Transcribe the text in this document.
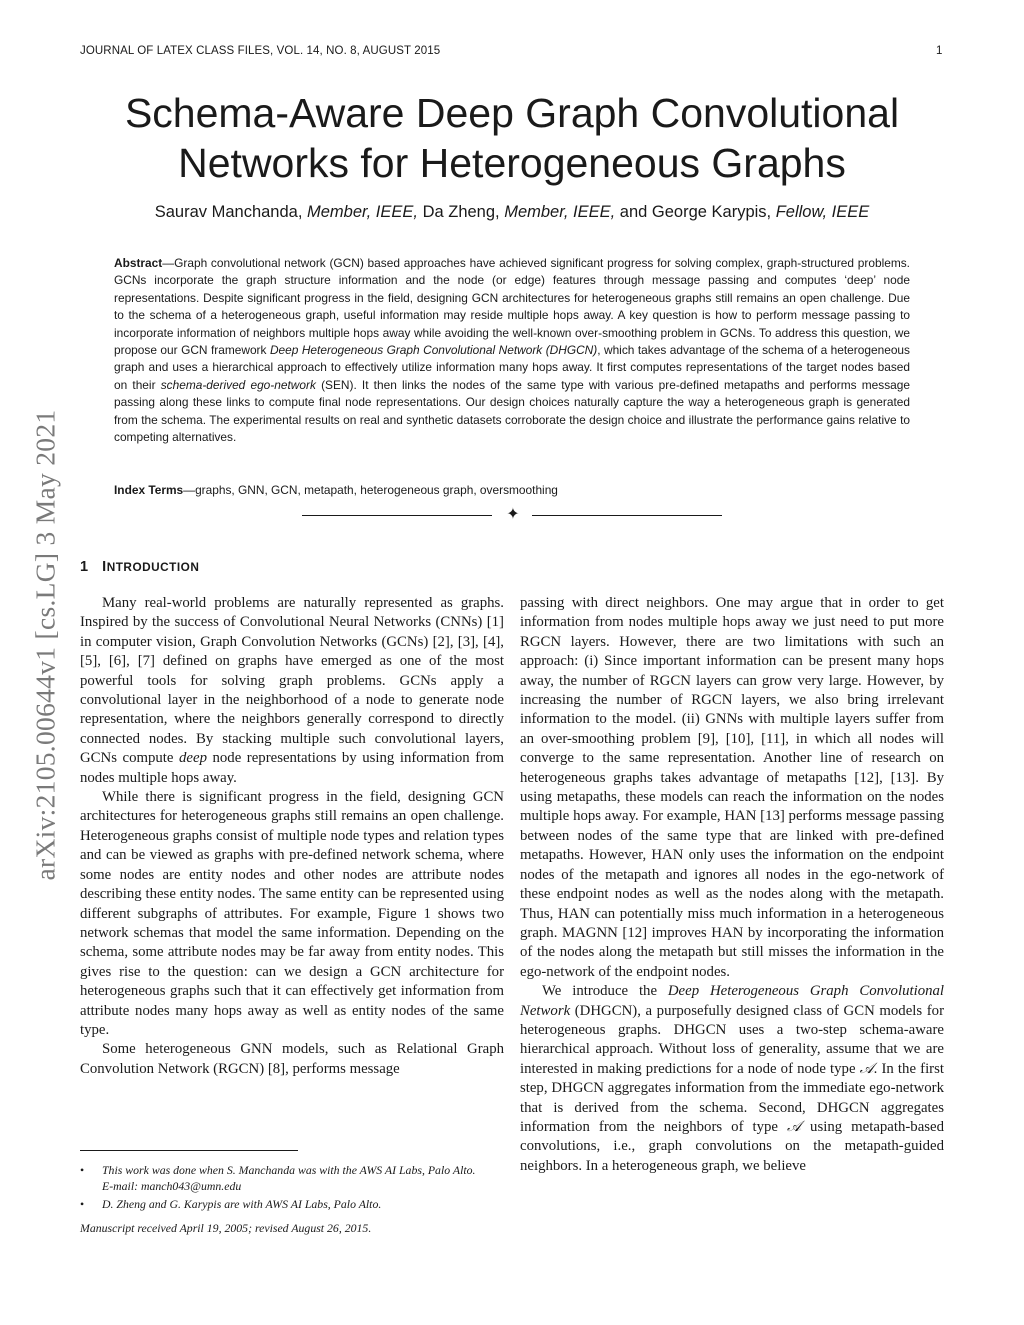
JOURNAL OF LATEX CLASS FILES, VOL. 14, NO. 8, AUGUST 2015	1
arXiv:2105.00644v1 [cs.LG] 3 May 2021
Schema-Aware Deep Graph Convolutional
Networks for Heterogeneous Graphs
Saurav Manchanda, Member, IEEE, Da Zheng, Member, IEEE, and George Karypis, Fellow, IEEE
Abstract—Graph convolutional network (GCN) based approaches have achieved significant progress for solving complex, graph-structured problems. GCNs incorporate the graph structure information and the node (or edge) features through message passing and computes ‘deep’ node representations. Despite significant progress in the field, designing GCN architectures for heterogeneous graphs still remains an open challenge. Due to the schema of a heterogeneous graph, useful information may reside multiple hops away. A key question is how to perform message passing to incorporate information of neighbors multiple hops away while avoiding the well-known over-smoothing problem in GCNs. To address this question, we propose our GCN framework Deep Heterogeneous Graph Convolutional Network (DHGCN), which takes advantage of the schema of a heterogeneous graph and uses a hierarchical approach to effectively utilize information many hops away. It first computes representations of the target nodes based on their schema-derived ego-network (SEN). It then links the nodes of the same type with various pre-defined metapaths and performs message passing along these links to compute final node representations. Our design choices naturally capture the way a heterogeneous graph is generated from the schema. The experimental results on real and synthetic datasets corroborate the design choice and illustrate the performance gains relative to competing alternatives.
Index Terms—graphs, GNN, GCN, metapath, heterogeneous graph, oversmoothing
✦
1 INTRODUCTION

Many real-world problems are naturally represented as graphs. Inspired by the success of Convolutional Neural Networks (CNNs) [1] in computer vision, Graph Convolution Networks (GCNs) [2], [3], [4], [5], [6], [7] defined on graphs have emerged as one of the most powerful tools for solving graph problems. GCNs apply a convolutional layer in the neighborhood of a node to generate node representation, where the neighbors generally correspond to directly connected nodes. By stacking multiple such convolutional layers, GCNs compute deep node representations by using information from nodes multiple hops away.

While there is significant progress in the field, designing GCN architectures for heterogeneous graphs still remains an open challenge. Heterogeneous graphs consist of multiple node types and relation types and can be viewed as graphs with pre-defined network schema, where some nodes are entity nodes and other nodes are attribute nodes describing these entity nodes. The same entity can be represented using different subgraphs of attributes. For example, Figure 1 shows two network schemas that model the same information. Depending on the schema, some attribute nodes may be far away from entity nodes. This gives rise to the question: can we design a GCN architecture for heterogeneous graphs such that it can effectively get information from attribute nodes many hops away as well as entity nodes of the same type.

Some heterogeneous GNN models, such as Relational Graph Convolution Network (RGCN) [8], performs message

• This work was done when S. Manchanda was with the AWS AI Labs, Palo Alto.
E-mail: manch043@umn.edu
• D. Zheng and G. Karypis are with AWS AI Labs, Palo Alto.
Manuscript received April 19, 2005; revised August 26, 2015.

passing with direct neighbors. One may argue that in order to get information from nodes multiple hops away we just need to put more RGCN layers. However, there are two limitations with such an approach: (i) Since important information can be present many hops away, the number of RGCN layers can grow very large. However, by increasing the number of RGCN layers, we also bring irrelevant information to the model. (ii) GNNs with multiple layers suffer from an over-smoothing problem [9], [10], [11], in which all nodes will converge to the same representation. Another line of research on heterogeneous graphs takes advantage of metapaths [12], [13]. By using metapaths, these models can reach the information on the nodes multiple hops away. For example, HAN [13] performs message passing between nodes of the same type that are linked with pre-defined metapaths. However, HAN only uses the information on the endpoint nodes of the metapath and ignores all nodes in the ego-network of these endpoint nodes as well as the nodes along with the metapath. Thus, HAN can potentially miss much information in a heterogeneous graph. MAGNN [12] improves HAN by incorporating the information of the nodes along the metapath but still misses the information in the ego-network of the endpoint nodes.

We introduce the Deep Heterogeneous Graph Convolutional Network (DHGCN), a purposefully designed class of GCN models for heterogeneous graphs. DHGCN uses a two-step schema-aware hierarchical approach. Without loss of generality, assume that we are interested in making predictions for a node of node type 𝒜. In the first step, DHGCN aggregates information from the immediate ego-network that is derived from the schema. Second, DHGCN aggregates information from the neighbors of type 𝒜 using metapath-based convolutions, i.e., graph convolutions on the metapath-guided neighbors. In a heterogeneous graph, we believe
